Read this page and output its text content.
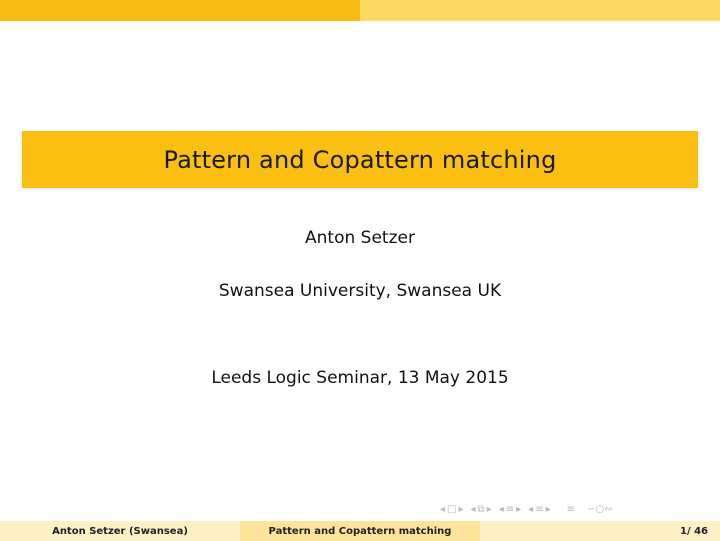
Pattern and Copattern matching
Anton Setzer
Swansea University, Swansea UK
Leeds Logic Seminar, 13 May 2015
◂ □ ▸ ◂ ⧉ ▸ ◂ ≡ ▸ ◂ ≡ ▸ ≡ ∽○∾
Anton Setzer (Swansea)	Pattern and Copattern matching	1/ 46
